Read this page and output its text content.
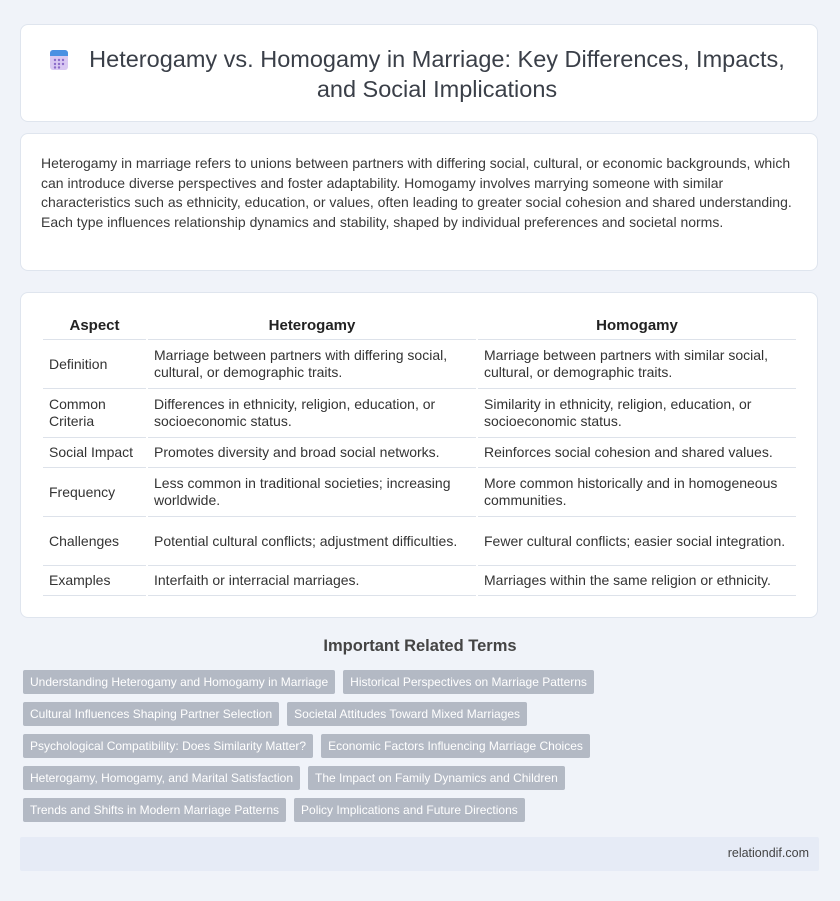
Heterogamy vs. Homogamy in Marriage: Key Differences, Impacts, and Social Implications

Heterogamy in marriage refers to unions between partners with differing social, cultural, or economic backgrounds, which can introduce diverse perspectives and foster adaptability. Homogamy involves marrying someone with similar characteristics such as ethnicity, education, or values, often leading to greater social cohesion and shared understanding. Each type influences relationship dynamics and stability, shaped by individual preferences and societal norms.

Aspect	Heterogamy	Homogamy
Definition	Marriage between partners with differing social, cultural, or demographic traits.	Marriage between partners with similar social, cultural, or demographic traits.
Common Criteria	Differences in ethnicity, religion, education, or socioeconomic status.	Similarity in ethnicity, religion, education, or socioeconomic status.
Social Impact	Promotes diversity and broad social networks.	Reinforces social cohesion and shared values.
Frequency	Less common in traditional societies; increasing worldwide.	More common historically and in homogeneous communities.
Challenges	Potential cultural conflicts; adjustment difficulties.	Fewer cultural conflicts; easier social integration.
Examples	Interfaith or interracial marriages.	Marriages within the same religion or ethnicity.
Important Related Terms
Understanding Heterogamy and Homogamy in Marriage	Historical Perspectives on Marriage Patterns
Cultural Influences Shaping Partner Selection	Societal Attitudes Toward Mixed Marriages
Psychological Compatibility: Does Similarity Matter?	Economic Factors Influencing Marriage Choices
Heterogamy, Homogamy, and Marital Satisfaction	The Impact on Family Dynamics and Children
Trends and Shifts in Modern Marriage Patterns	Policy Implications and Future Directions
relationdif.com
